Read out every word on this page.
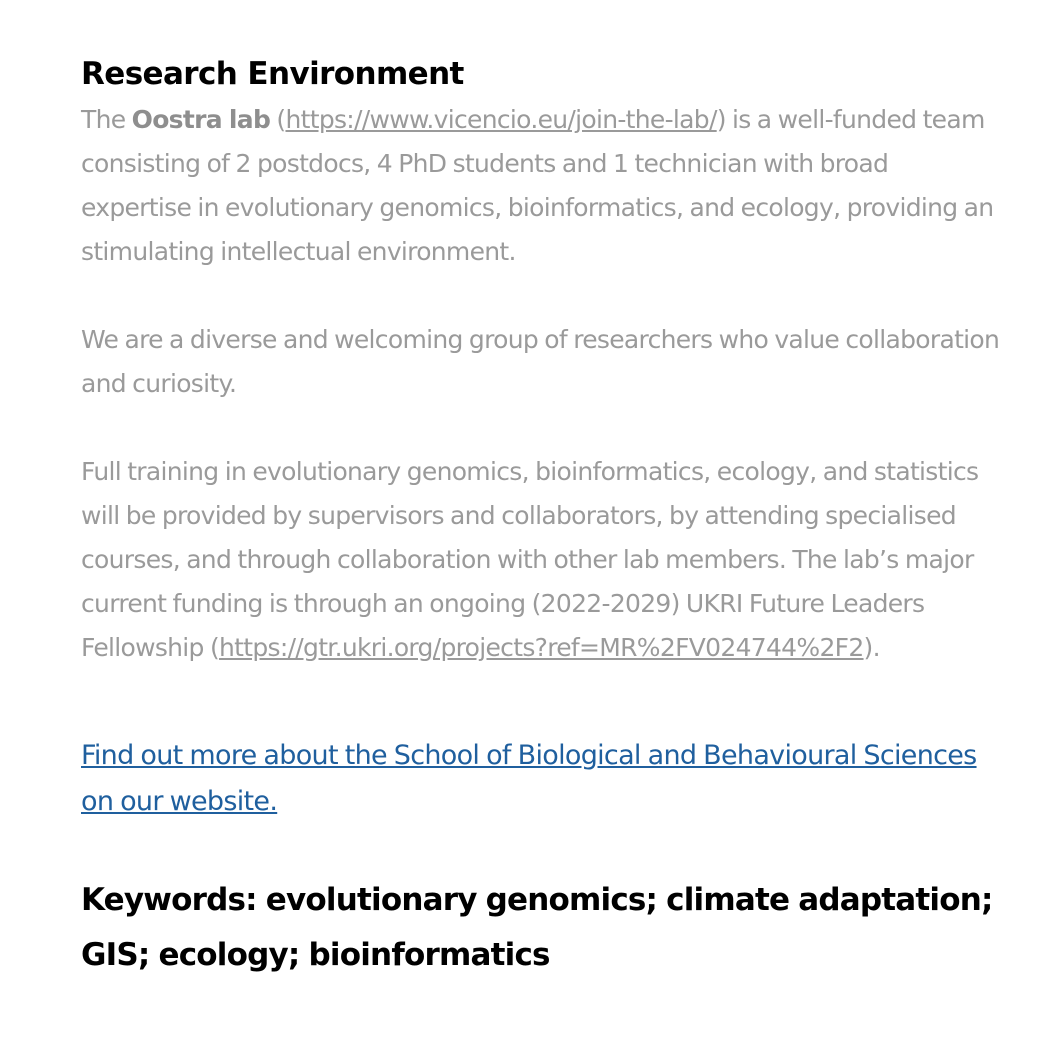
Research Environment

The Oostra lab (https://www.vicencio.eu/join-the-lab/) is a well-funded team consisting of 2 postdocs, 4 PhD students and 1 technician with broad expertise in evolutionary genomics, bioinformatics, and ecology, providing an stimulating intellectual environment.

We are a diverse and welcoming group of researchers who value collaboration and curiosity.

Full training in evolutionary genomics, bioinformatics, ecology, and statistics will be provided by supervisors and collaborators, by attending specialised courses, and through collaboration with other lab members. The lab’s major current funding is through an ongoing (2022-2029) UKRI Future Leaders Fellowship (https://gtr.ukri.org/projects?ref=MR%2FV024744%2F2).

Find out more about the School of Biological and Behavioural Sciences on our website.
Keywords: evolutionary genomics; climate adaptation; GIS; ecology; bioinformatics
